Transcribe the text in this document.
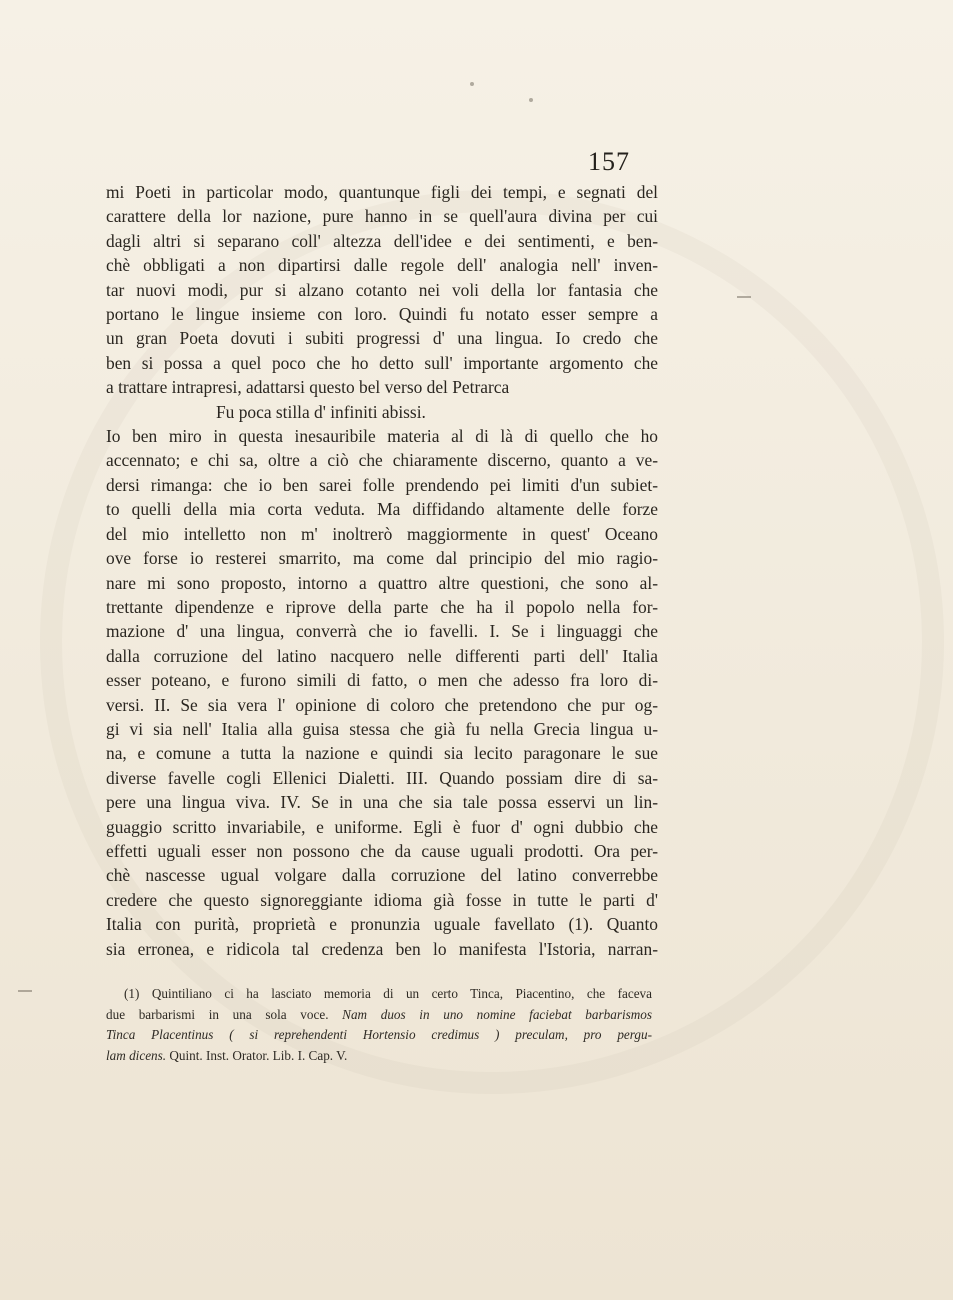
157
mi Poeti in particolar modo, quantunque figli dei tempi, e segnati del
carattere della lor nazione, pure hanno in se quell'aura divina per cui
dagli altri si separano coll' altezza dell'idee e dei sentimenti, e ben-
chè obbligati a non dipartirsi dalle regole dell' analogia nell' inven-
tar nuovi modi, pur si alzano cotanto nei voli della lor fantasia che
portano le lingue insieme con loro. Quindi fu notato esser sempre a
un gran Poeta dovuti i subiti progressi d' una lingua. Io credo che
ben si possa a quel poco che ho detto sull' importante argomento che
a trattare intrapresi, adattarsi questo bel verso del Petrarca
Fu poca stilla d' infiniti abissi.
Io ben miro in questa inesauribile materia al di là di quello che ho
accennato; e chi sa, oltre a ciò che chiaramente discerno, quanto a ve-
dersi rimanga: che io ben sarei folle prendendo pei limiti d'un subiet-
to quelli della mia corta veduta. Ma diffidando altamente delle forze
del mio intelletto non m' inoltrerò maggiormente in quest' Oceano
ove forse io resterei smarrito, ma come dal principio del mio ragio-
nare mi sono proposto, intorno a quattro altre questioni, che sono al-
trettante dipendenze e riprove della parte che ha il popolo nella for-
mazione d' una lingua, converrà che io favelli. I. Se i linguaggi che
dalla corruzione del latino nacquero nelle differenti parti dell' Italia
esser poteano, e furono simili di fatto, o men che adesso fra loro di-
versi. II. Se sia vera l' opinione di coloro che pretendono che pur og-
gi vi sia nell' Italia alla guisa stessa che già fu nella Grecia lingua u-
na, e comune a tutta la nazione e quindi sia lecito paragonare le sue
diverse favelle cogli Ellenici Dialetti. III. Quando possiam dire di sa-
pere una lingua viva. IV. Se in una che sia tale possa esservi un lin-
guaggio scritto invariabile, e uniforme. Egli è fuor d' ogni dubbio che
effetti uguali esser non possono che da cause uguali prodotti. Ora per-
chè nascesse ugual volgare dalla corruzione del latino converrebbe
credere che questo signoreggiante idioma già fosse in tutte le parti d'
Italia con purità, proprietà e pronunzia uguale favellato (1). Quanto
sia erronea, e ridicola tal credenza ben lo manifesta l'Istoria, narran-
(1) Quintiliano ci ha lasciato memoria di un certo Tinca, Piacentino, che faceva
due barbarismi in una sola voce. Nam duos in uno nomine faciebat barbarismos
Tinca Placentinus ( si reprehendenti Hortensio credimus ) preculam, pro pergu-
lam dicens. Quint. Inst. Orator. Lib. I. Cap. V.
